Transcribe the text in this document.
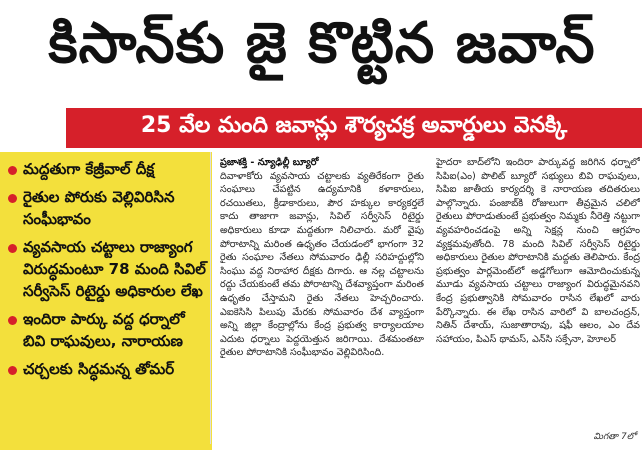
కిసాన్‌కు జై కొట్టిన జవాన్
25 వేల మంది జవాన్లు శౌర్యచక్ర అవార్డులు వెనక్కి
మద్దతుగా కేజ్రీవాల్ దీక్ష
రైతుల పోరుకు వెల్లివిరిసిన సంఘీభావం
వ్యవసాయ చట్టాలు రాజ్యాంగ విరుద్ధమంటూ 78 మంది సివిల్ సర్వీసెస్ రిటైర్డు అధికారుల లేఖ
ఇందిరా పార్కు వద్ద ధర్నాలో బివి రాఘవులు, నారాయణ
చర్చలకు సిద్ధమన్న తోమర్
ప్రజాశక్తి - న్యూఢిల్లీ బ్యూరో
దివాళాకోరు వ్యవసాయ చట్టాలకు వ్యతిరేకంగా రైతు సంఘాలు చేపట్టిన ఉద్యమానికి కళాకారులు, రచయితలు, క్రీడాకారులు, పౌర హక్కుల కార్యకర్తలే కాదు తాజాగా జవాన్లు, సివిల్ సర్వీసెస్ రిటైర్డు అధికారులు కూడా మద్దతుగా నిలిచారు. మరో వైపు పోరాటాన్ని మరింత ఉధృతం చేయడంలో భాగంగా 32 రైతు సంఘాల నేతలు సోమవారం ఢిల్లీ సరిహద్దుల్లోని సింఘు వద్ద నిరాహార దీక్షకు దిగారు. ఆ నల్ల చట్టాలను రద్దు చేయకుంటే తమ పోరాటాన్ని దేశవ్యాప్తంగా మరింత ఉధృతం చేస్తామని రైతు నేతలు హెచ్చరించారు. ఎఐకెసిసి పిలుపు మేరకు సోమవారం దేశ వ్యాప్తంగా అన్ని జిల్లా కేంద్రాల్లోను కేంద్ర ప్రభుత్వ కార్యాలయాల ఎదుట ధర్నాలు పెద్దయెత్తున జరిగాయి. దేశమంతటా రైతుల పోరాటానికి సంఘీభావం వెల్లివిరిసింది.
హైదరా బాద్‌లోని ఇందిరా పార్కువద్ద జరిగిన ధర్నాలో సిపిఐ(ఎం) పొలిట్ బ్యూరో సభ్యులు బివి రాఘవులు, సిపిఐ జాతీయ కార్యదర్శి కె నారాయణ తదితరులు పాల్గొన్నారు. పంజాబ్‌కి రోజులుగా తీవ్రమైన చలిలో రైతులు పోరాడుతుంటే ప్రభుత్వం నిమ్మకు నీరెత్తి నట్టుగా వ్యవహరించడంపై అన్ని సెక్షన్ల నుంచి ఆగ్రహం వ్యక్తమవుతోంది. 78 మంది సివిల్ సర్వీసెస్ రిటైర్డు అధికారులు రైతుల పోరాటానికి మద్దతు తెలిపారు. కేంద్ర ప్రభుత్వం పార్లమెంట్‌లో అడ్డగోలుగా ఆమోదించుకున్న మూడు వ్యవసాయ చట్టాలు రాజ్యాంగ విరుద్ధమైనవని కేంద్ర ప్రభుత్వానికి సోమవారం రాసిన లేఖలో వారు పేర్కొన్నారు. ఈ లేఖ రాసిన వారిలో వి బాలచంద్రన్, నితిన్ దేశాయ్, సుజాతారావు, షఫీ ఆలం, ఎం దేవ సహాయం, పిఎస్ థామస్, ఎన్‌సి సక్సేనా, హెూలర్
మిగతా 7లో
